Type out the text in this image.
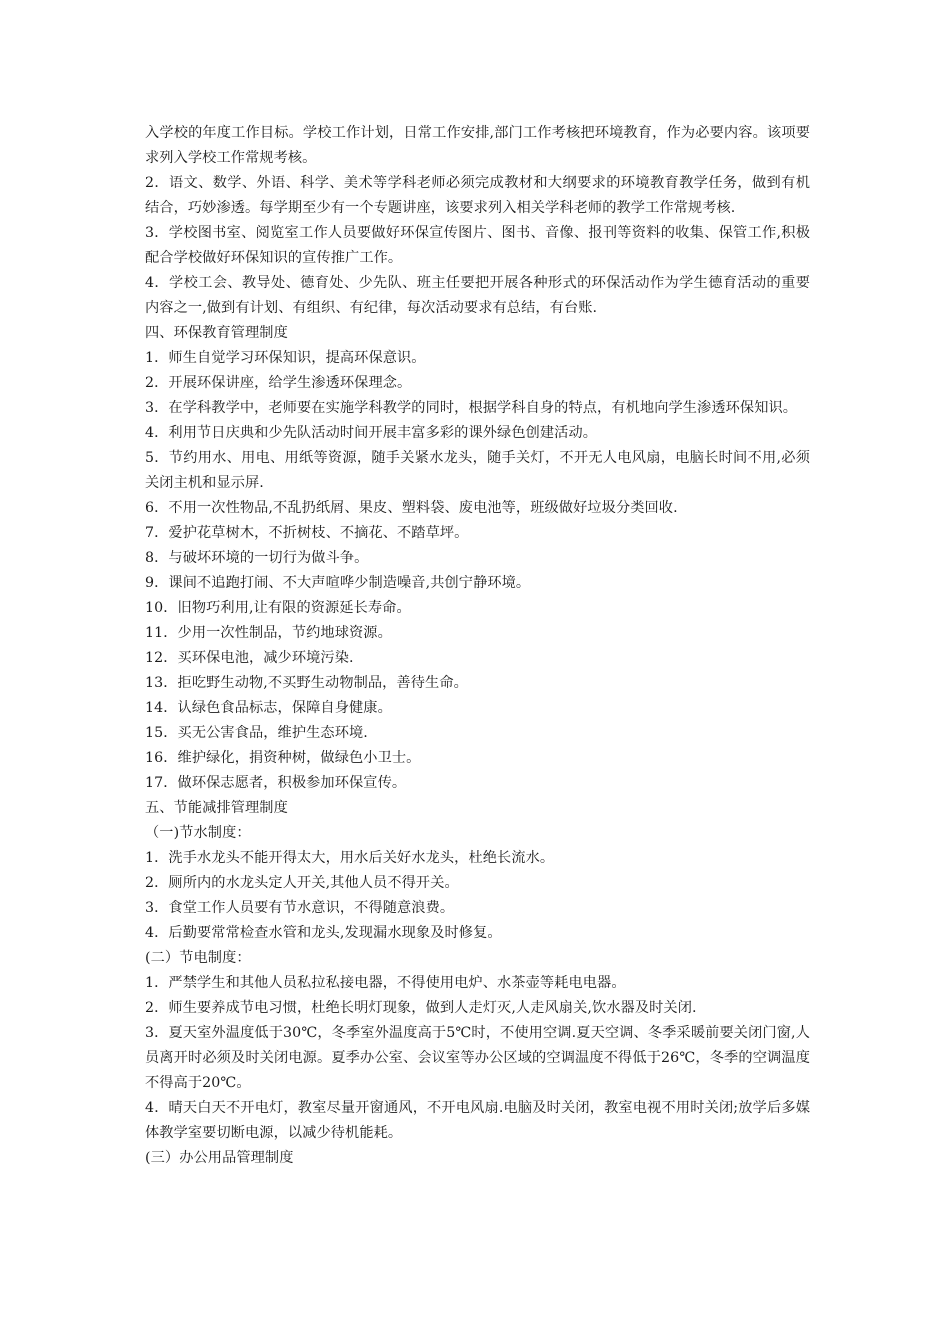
入学校的年度工作目标。学校工作计划，日常工作安排,部门工作考核把环境教育，作为必要内容。该项要求列入学校工作常规考核。

2．语文、数学、外语、科学、美术等学科老师必须完成教材和大纲要求的环境教育教学任务，做到有机结合，巧妙渗透。每学期至少有一个专题讲座，该要求列入相关学科老师的教学工作常规考核.

3．学校图书室、阅览室工作人员要做好环保宣传图片、图书、音像、报刊等资料的收集、保管工作,积极配合学校做好环保知识的宣传推广工作。

4．学校工会、教导处、德育处、少先队、班主任要把开展各种形式的环保活动作为学生德育活动的重要内容之一,做到有计划、有组织、有纪律，每次活动要求有总结，有台账.

四、环保教育管理制度

1．师生自觉学习环保知识，提高环保意识。

2．开展环保讲座，给学生渗透环保理念。

3．在学科教学中，老师要在实施学科教学的同时，根据学科自身的特点，有机地向学生渗透环保知识。

4．利用节日庆典和少先队活动时间开展丰富多彩的课外绿色创建活动。

5．节约用水、用电、用纸等资源，随手关紧水龙头，随手关灯，不开无人电风扇，电脑长时间不用,必须关闭主机和显示屏.

6．不用一次性物品,不乱扔纸屑、果皮、塑料袋、废电池等，班级做好垃圾分类回收.

7．爱护花草树木，不折树枝、不摘花、不踏草坪。

8．与破坏环境的一切行为做斗争。

9．课间不追跑打闹、不大声喧哗少制造噪音,共创宁静环境。

10．旧物巧利用,让有限的资源延长寿命。

11．少用一次性制品，节约地球资源。

12．买环保电池，减少环境污染.

13．拒吃野生动物,不买野生动物制品，善待生命。

14．认绿色食品标志，保障自身健康。

15．买无公害食品，维护生态环境.

16．维护绿化，捐资种树，做绿色小卫士。

17．做环保志愿者，积极参加环保宣传。

五、节能减排管理制度

（一)节水制度：

1．洗手水龙头不能开得太大，用水后关好水龙头，杜绝长流水。

2．厕所内的水龙头定人开关,其他人员不得开关。

3．食堂工作人员要有节水意识，不得随意浪费。

4．后勤要常常检查水管和龙头,发现漏水现象及时修复。

(二）节电制度：

1．严禁学生和其他人员私拉私接电器，不得使用电炉、水茶壶等耗电电器。

2．师生要养成节电习惯，杜绝长明灯现象，做到人走灯灭,人走风扇关,饮水器及时关闭.

3．夏天室外温度低于30℃，冬季室外温度高于5℃时，不使用空调.夏天空调、冬季采暖前要关闭门窗,人员离开时必须及时关闭电源。夏季办公室、会议室等办公区域的空调温度不得低于26℃，冬季的空调温度不得高于20℃。

4．晴天白天不开电灯，教室尽量开窗通风，不开电风扇.电脑及时关闭，教室电视不用时关闭;放学后多媒体教学室要切断电源，以减少待机能耗。

(三）办公用品管理制度
